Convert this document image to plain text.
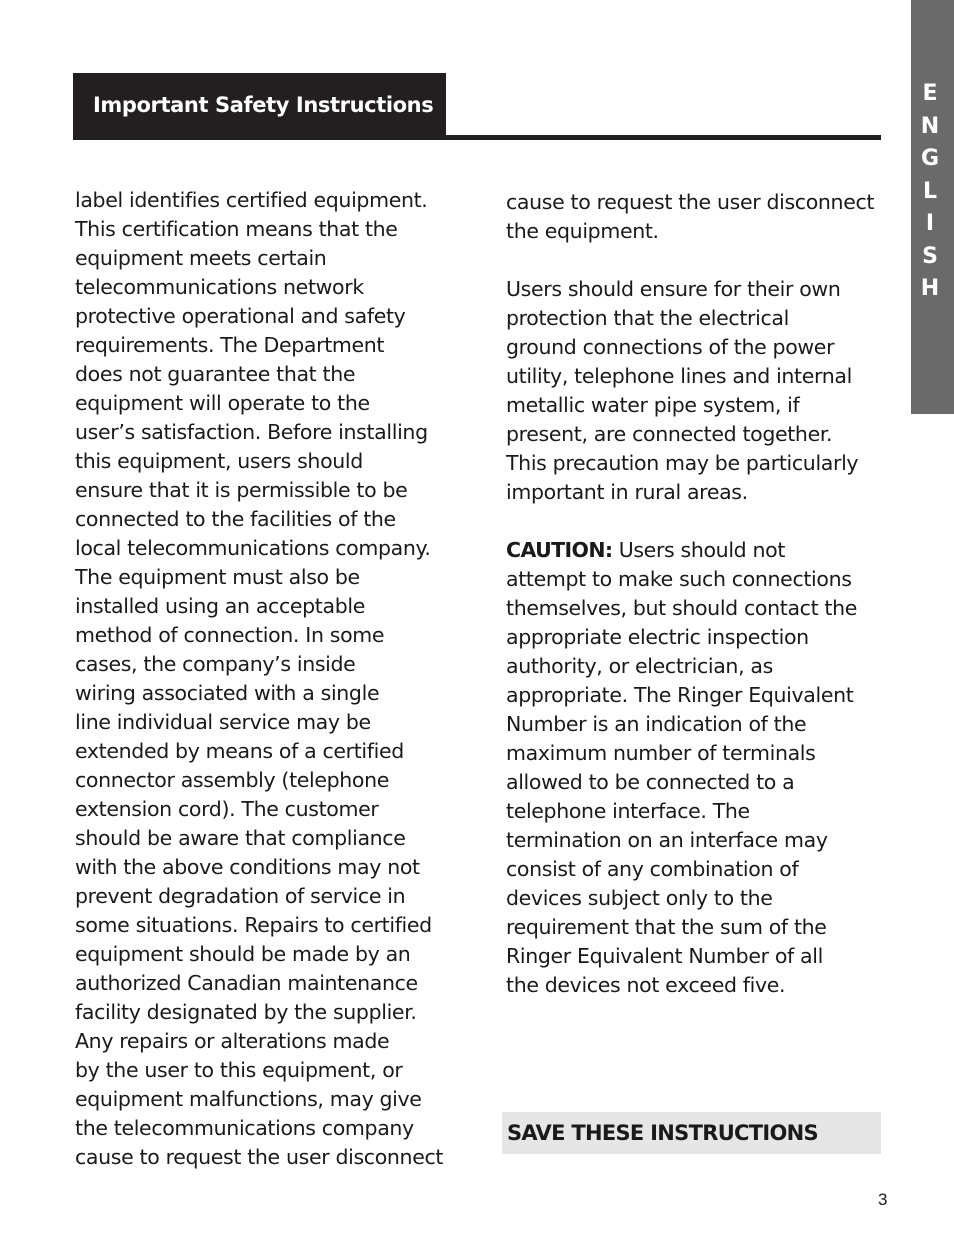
Important Safety Instructions	E
N
G
L
I
S
H
label identifies certified equipment.
This certification means that the
equipment meets certain
telecommunications network
protective operational and safety
requirements. The Department
does not guarantee that the
equipment will operate to the
user’s satisfaction. Before installing
this equipment, users should
ensure that it is permissible to be
connected to the facilities of the
local telecommunications company.
The equipment must also be
installed using an acceptable
method of connection. In some
cases, the company’s inside
wiring associated with a single
line individual service may be
extended by means of a certified
connector assembly (telephone
extension cord). The customer
should be aware that compliance
with the above conditions may not
prevent degradation of service in
some situations. Repairs to certified
equipment should be made by an
authorized Canadian maintenance
facility designated by the supplier.
Any repairs or alterations made
by the user to this equipment, or
equipment malfunctions, may give
the telecommunications company
cause to request the user disconnect
cause to request the user disconnect
the equipment.
Users should ensure for their own
protection that the electrical
ground connections of the power
utility, telephone lines and internal
metallic water pipe system, if
present, are connected together.
This precaution may be particularly
important in rural areas.
CAUTION: Users should not
attempt to make such connections
themselves, but should contact the
appropriate electric inspection
authority, or electrician, as
appropriate. The Ringer Equivalent
Number is an indication of the
maximum number of terminals
allowed to be connected to a
telephone interface. The
termination on an interface may
consist of any combination of
devices subject only to the
requirement that the sum of the
Ringer Equivalent Number of all
the devices not exceed five.
SAVE THESE INSTRUCTIONS
3
